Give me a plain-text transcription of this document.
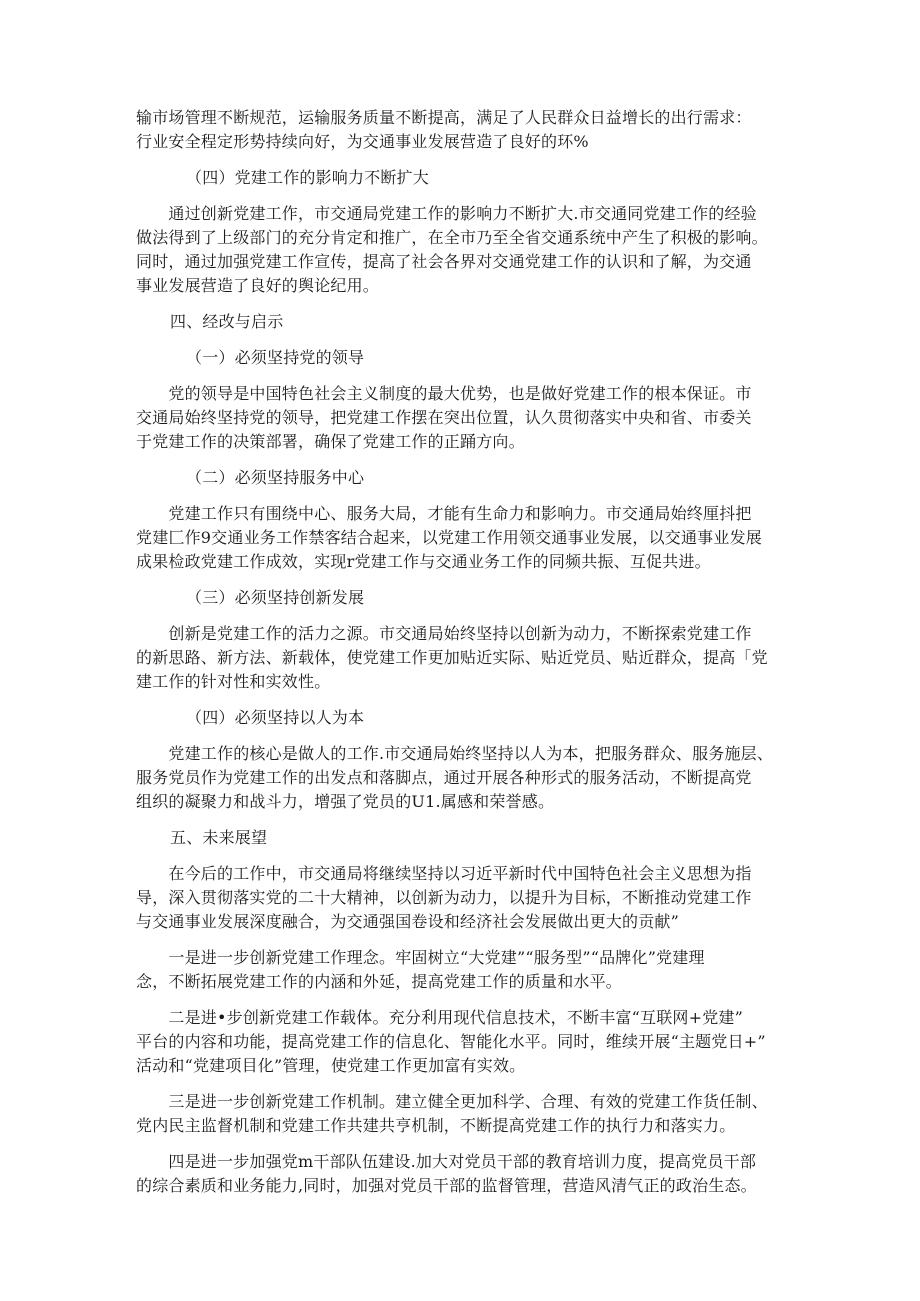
输市场管理不断规范，运输服务质量不断提高，满足了人民群众日益增长的出行需求：
行业安全程定形势持续向好，为交通事业发展营造了良好的环%
（四）党建工作的影响力不断扩大
　　通过创新党建工作，市交通局党建工作的影响力不断扩大.市交通同党建工作的经验
做法得到了上级部门的充分肯定和推广，在全市乃至全省交通系统中产生了积极的影响。
同时，通过加强党建工作宣传，提高了社会各界对交通党建工作的认识和了解，为交通
事业发展营造了良好的舆论纪用。
四、经改与启示
（一）必须坚持党的领导
　　党的领导是中国特色社会主义制度的最大优势，也是做好党建工作的根本保证。市
交通局始终坚持党的领导，把党建工作摆在突出位置，认久贯彻落实中央和省、市委关
于党建工作的决策部署，确保了党建工作的正踊方向。
（二）必须坚持服务中心
　　党建工作只有围绕中心、服务大局，才能有生命力和影响力。市交通局始终厘抖把
党建匚作9交通业务工作禁客结合起来，以党建工作用领交通事业发展，以交通事业发展
成果检政党建工作成效，实现r党建工作与交通业务工作的同频共振、互促共进。
（三）必须坚持创新发展
　　创新是党建工作的活力之源。市交通局始终坚持以创新为动力，不断探索党建工作
的新思路、新方法、新载体，使党建工作更加贴近实际、贴近党员、贴近群众，提高「党
建工作的针对性和实效性。
（四）必须坚持以人为本
　　党建工作的核心是做人的工作.市交通局始终坚持以人为本，把服务群众、服务施层、
服务党员作为党建工作的出发点和落脚点，通过开展各种形式的服务活动，不断提高党
组织的凝聚力和战斗力，增强了党员的U1.属感和荣誉感。
五、未来展望
　　在今后的工作中，市交通局将继续坚持以习近平新时代中国特色社会主义思想为指
导，深入贯彻落实党的二十大精神，以创新为动力，以提升为目标，不断推动党建工作
与交通事业发展深度融合，为交通强国卷设和经济社会发展做出更大的贡献”
　　一是进一步创新党建工作理念。牢固树立“大党建”“服务型”“品牌化”党建理
念，不断拓展党建工作的内涵和外延，提高党建工作的质量和水平。
　　二是进•步创新党建工作载体。充分利用现代信息技术，不断丰富“互联网+党建”
平台的内容和功能，提高党建工作的信息化、智能化水平。同时，维续开展“主题党日+”
活动和“党建项目化”管理，使党建工作更加富有实效。
　　三是进一步创新党建工作机制。建立健全更加科学、合理、有效的党建工作货任制、
党内民主监督机制和党建工作共建共亨机制，不断提高党建工作的执行力和落实力。
　　四是进一步加强党m干部队伍建设.加大对党员干部的教育培训力度，提高党员干部
的综合素质和业务能力,同时，加强对党员干部的监督管理，营造风清气正的政治生态。
